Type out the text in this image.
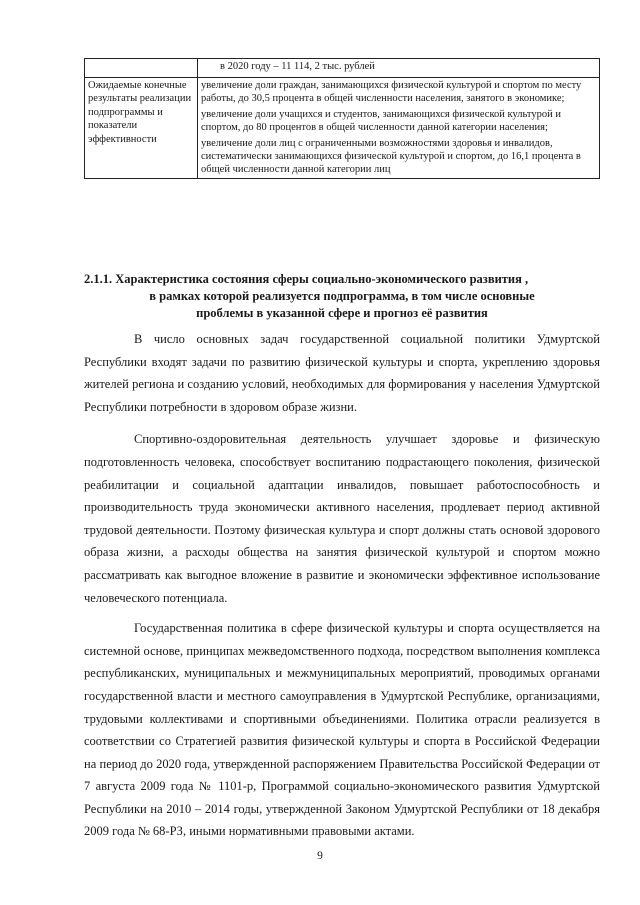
	в 2020 году – 11 114, 2 тыс. рублей
Ожидаемые конечные результаты реализации подпрограммы и показатели эффективности	увеличение доли граждан, занимающихся физической культурой и спортом по месту работы, до 30,5 процента в общей численности населения, занятого в экономике;

увеличение доли учащихся и студентов, занимающихся физической культурой и спортом, до 80 процентов в общей численности данной категории населения;

увеличение доли лиц с ограниченными возможностями здоровья и инвалидов, систематически занимающихся физической культурой и спортом, до 16,1 процента в общей численности данной категории лиц

2.1.1. Характеристика состояния сферы социально-экономического развития ,
в рамках которой реализуется подпрограмма, в том числе основные
проблемы в указанной сфере и прогноз её развития

В число основных задач государственной социальной политики Удмуртской Республики входят задачи по развитию физической культуры и спорта, укреплению здоровья жителей региона и созданию условий, необходимых для формирования у населения Удмуртской Республики потребности в здоровом образе жизни.

Спортивно-оздоровительная деятельность улучшает здоровье и физическую подготовленность человека, способствует воспитанию подрастающего поколения, физической реабилитации и социальной адаптации инвалидов, повышает работоспособность и производительность труда экономически активного населения, продлевает период активной трудовой деятельности. Поэтому физическая культура и спорт должны стать основой здорового образа жизни, а расходы общества на занятия физической культурой и спортом можно рассматривать как выгодное вложение в развитие и экономически эффективное использование человеческого потенциала.

Государственная политика в сфере физической культуры и спорта осуществляется на системной основе, принципах межведомственного подхода, посредством выполнения комплекса республиканских, муниципальных и межмуниципальных мероприятий, проводимых органами государственной власти и местного самоуправления в Удмуртской Республике, организациями, трудовыми коллективами и спортивными объединениями. Политика отрасли реализуется в соответствии со Стратегией развития физической культуры и спорта в Российской Федерации на период до 2020 года, утвержденной распоряжением Правительства Российской Федерации от 7 августа 2009 года № 1101-р, Программой социально-экономического развития Удмуртской Республики на 2010 – 2014 годы, утвержденной Законом Удмуртской Республики от 18 декабря 2009 года № 68-РЗ, иными нормативными правовыми актами.

9
